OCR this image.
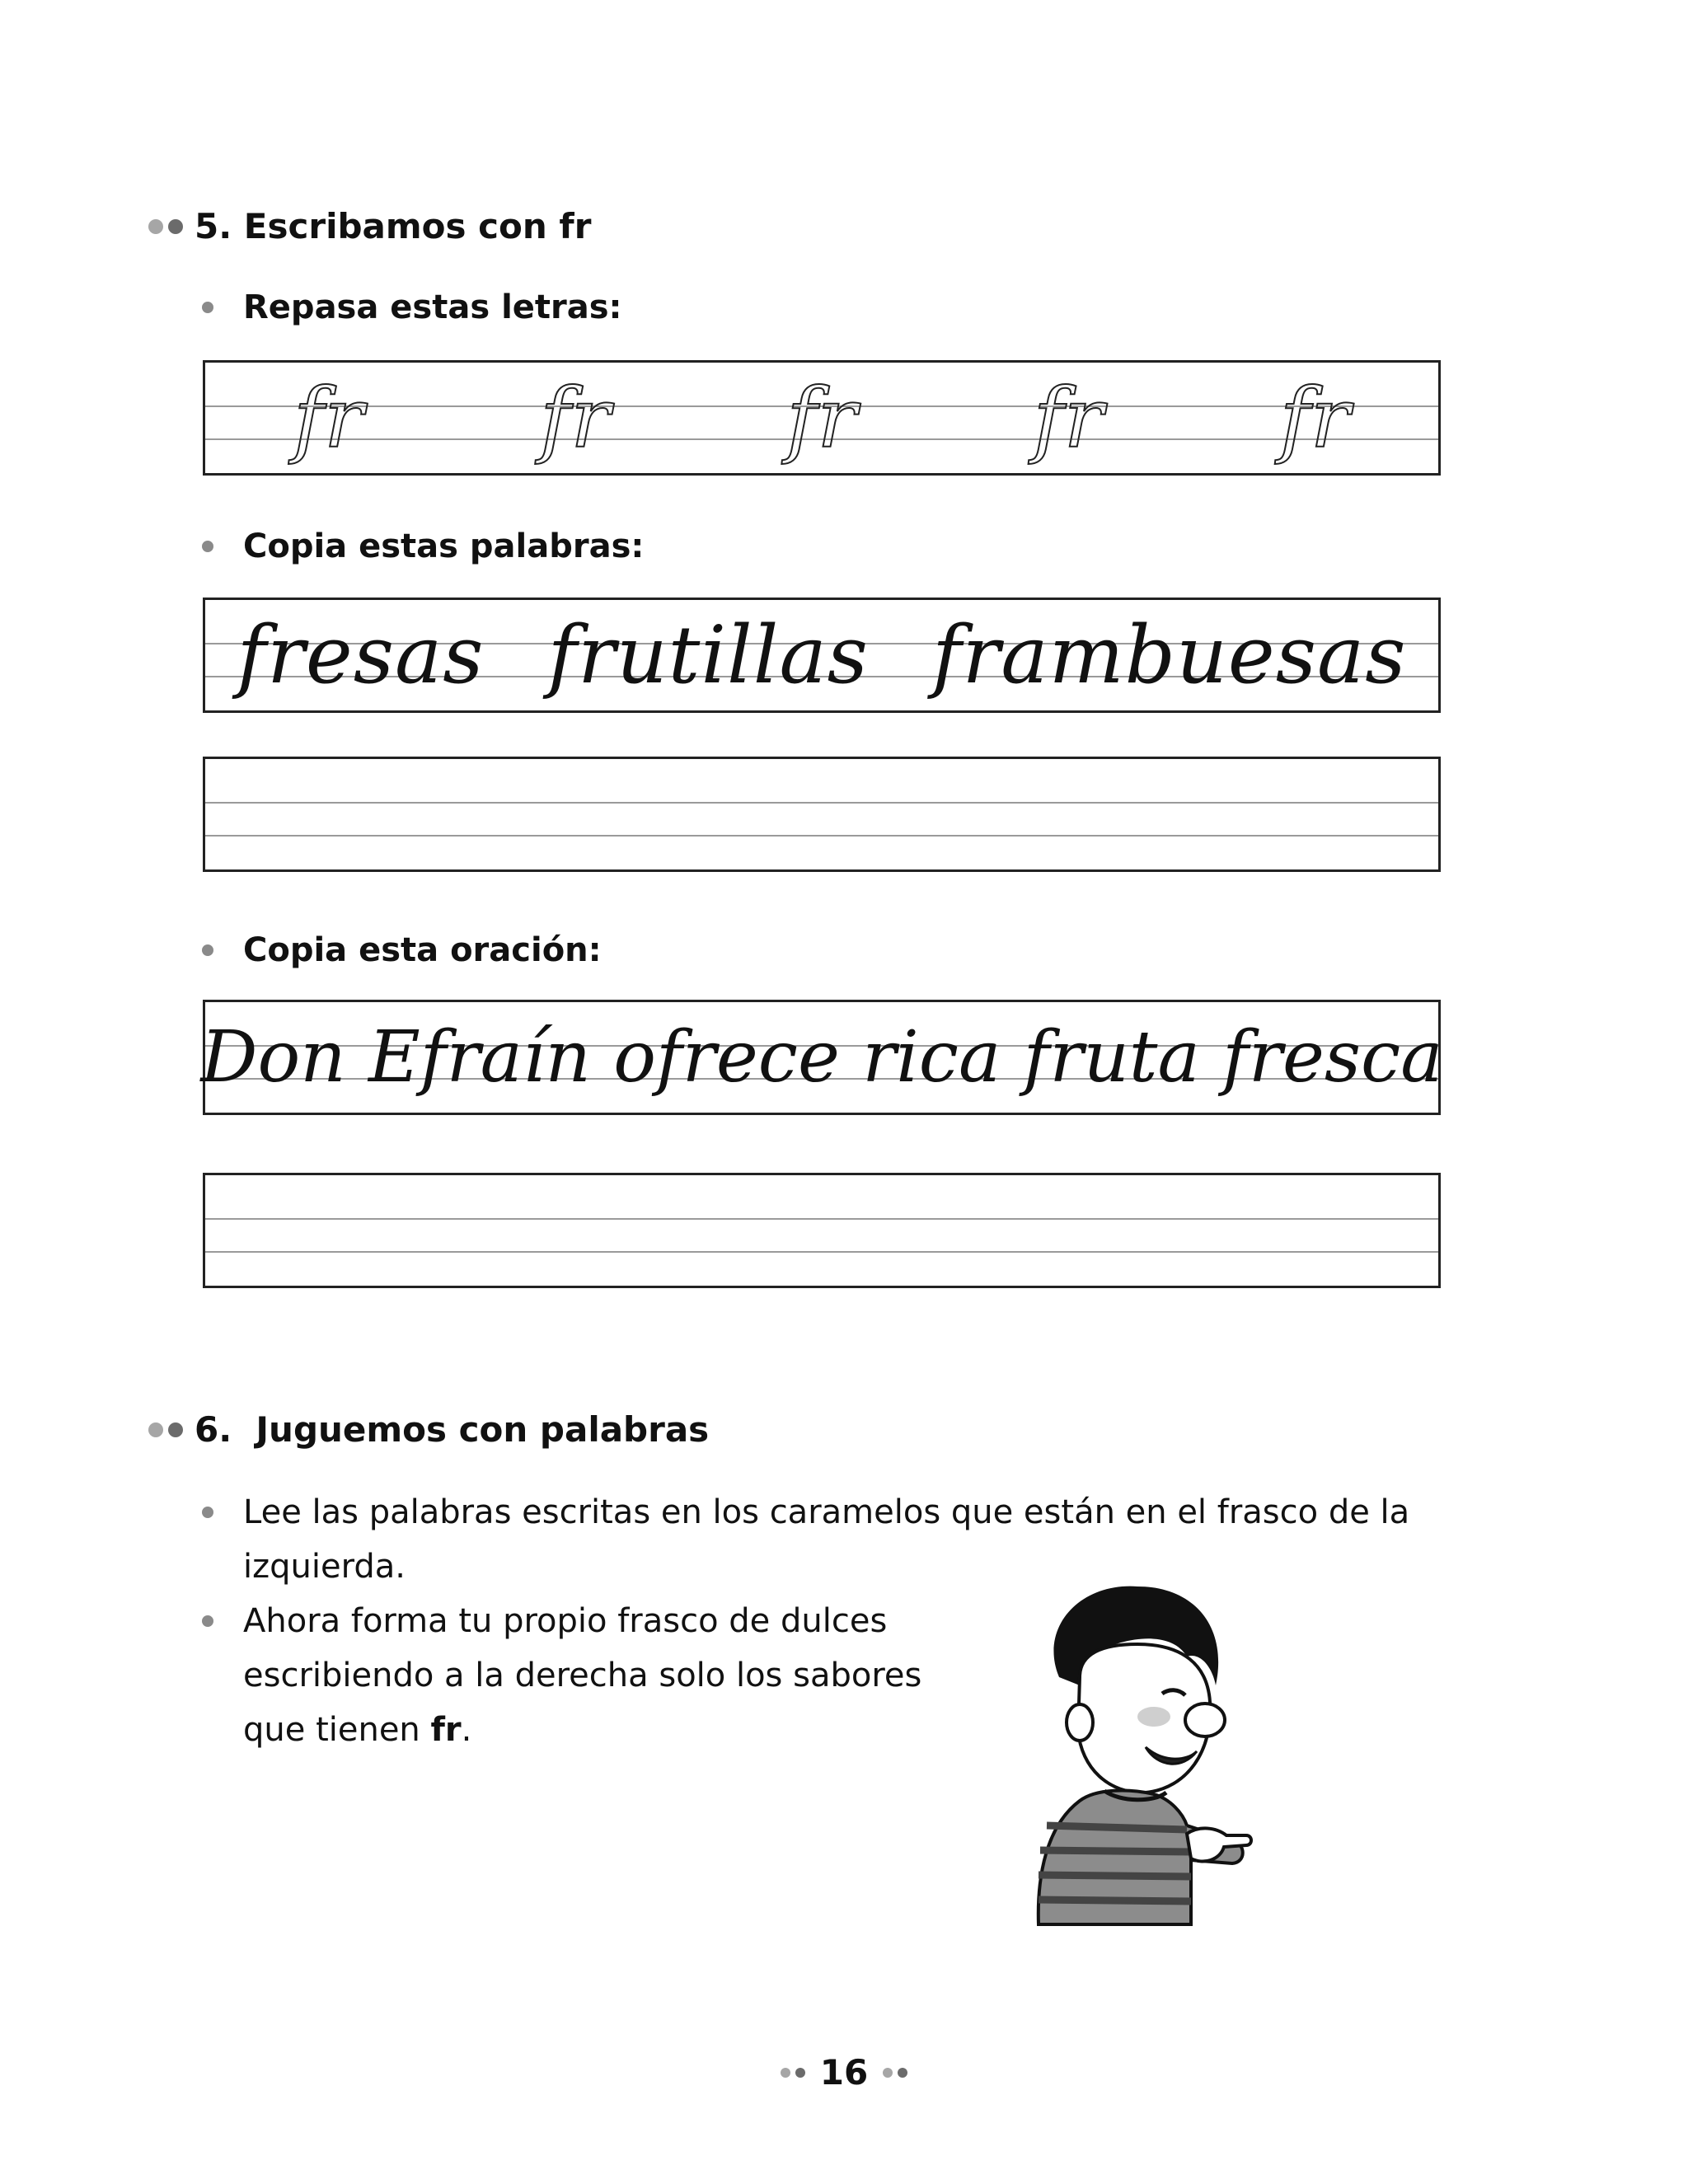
5. Escribamos con fr
Repasa estas letras:
fr fr fr fr fr
Copia estas palabras:
fresas frutillas frambuesas
Copia esta oración:
Don Efraín ofrece rica fruta fresca
6.  Juguemos con palabras
Lee las palabras escritas en los caramelos que están en el frasco de la izquierda.
Ahora forma tu propio frasco de dulces escribiendo a la derecha solo los sabores que tienen fr.
16
